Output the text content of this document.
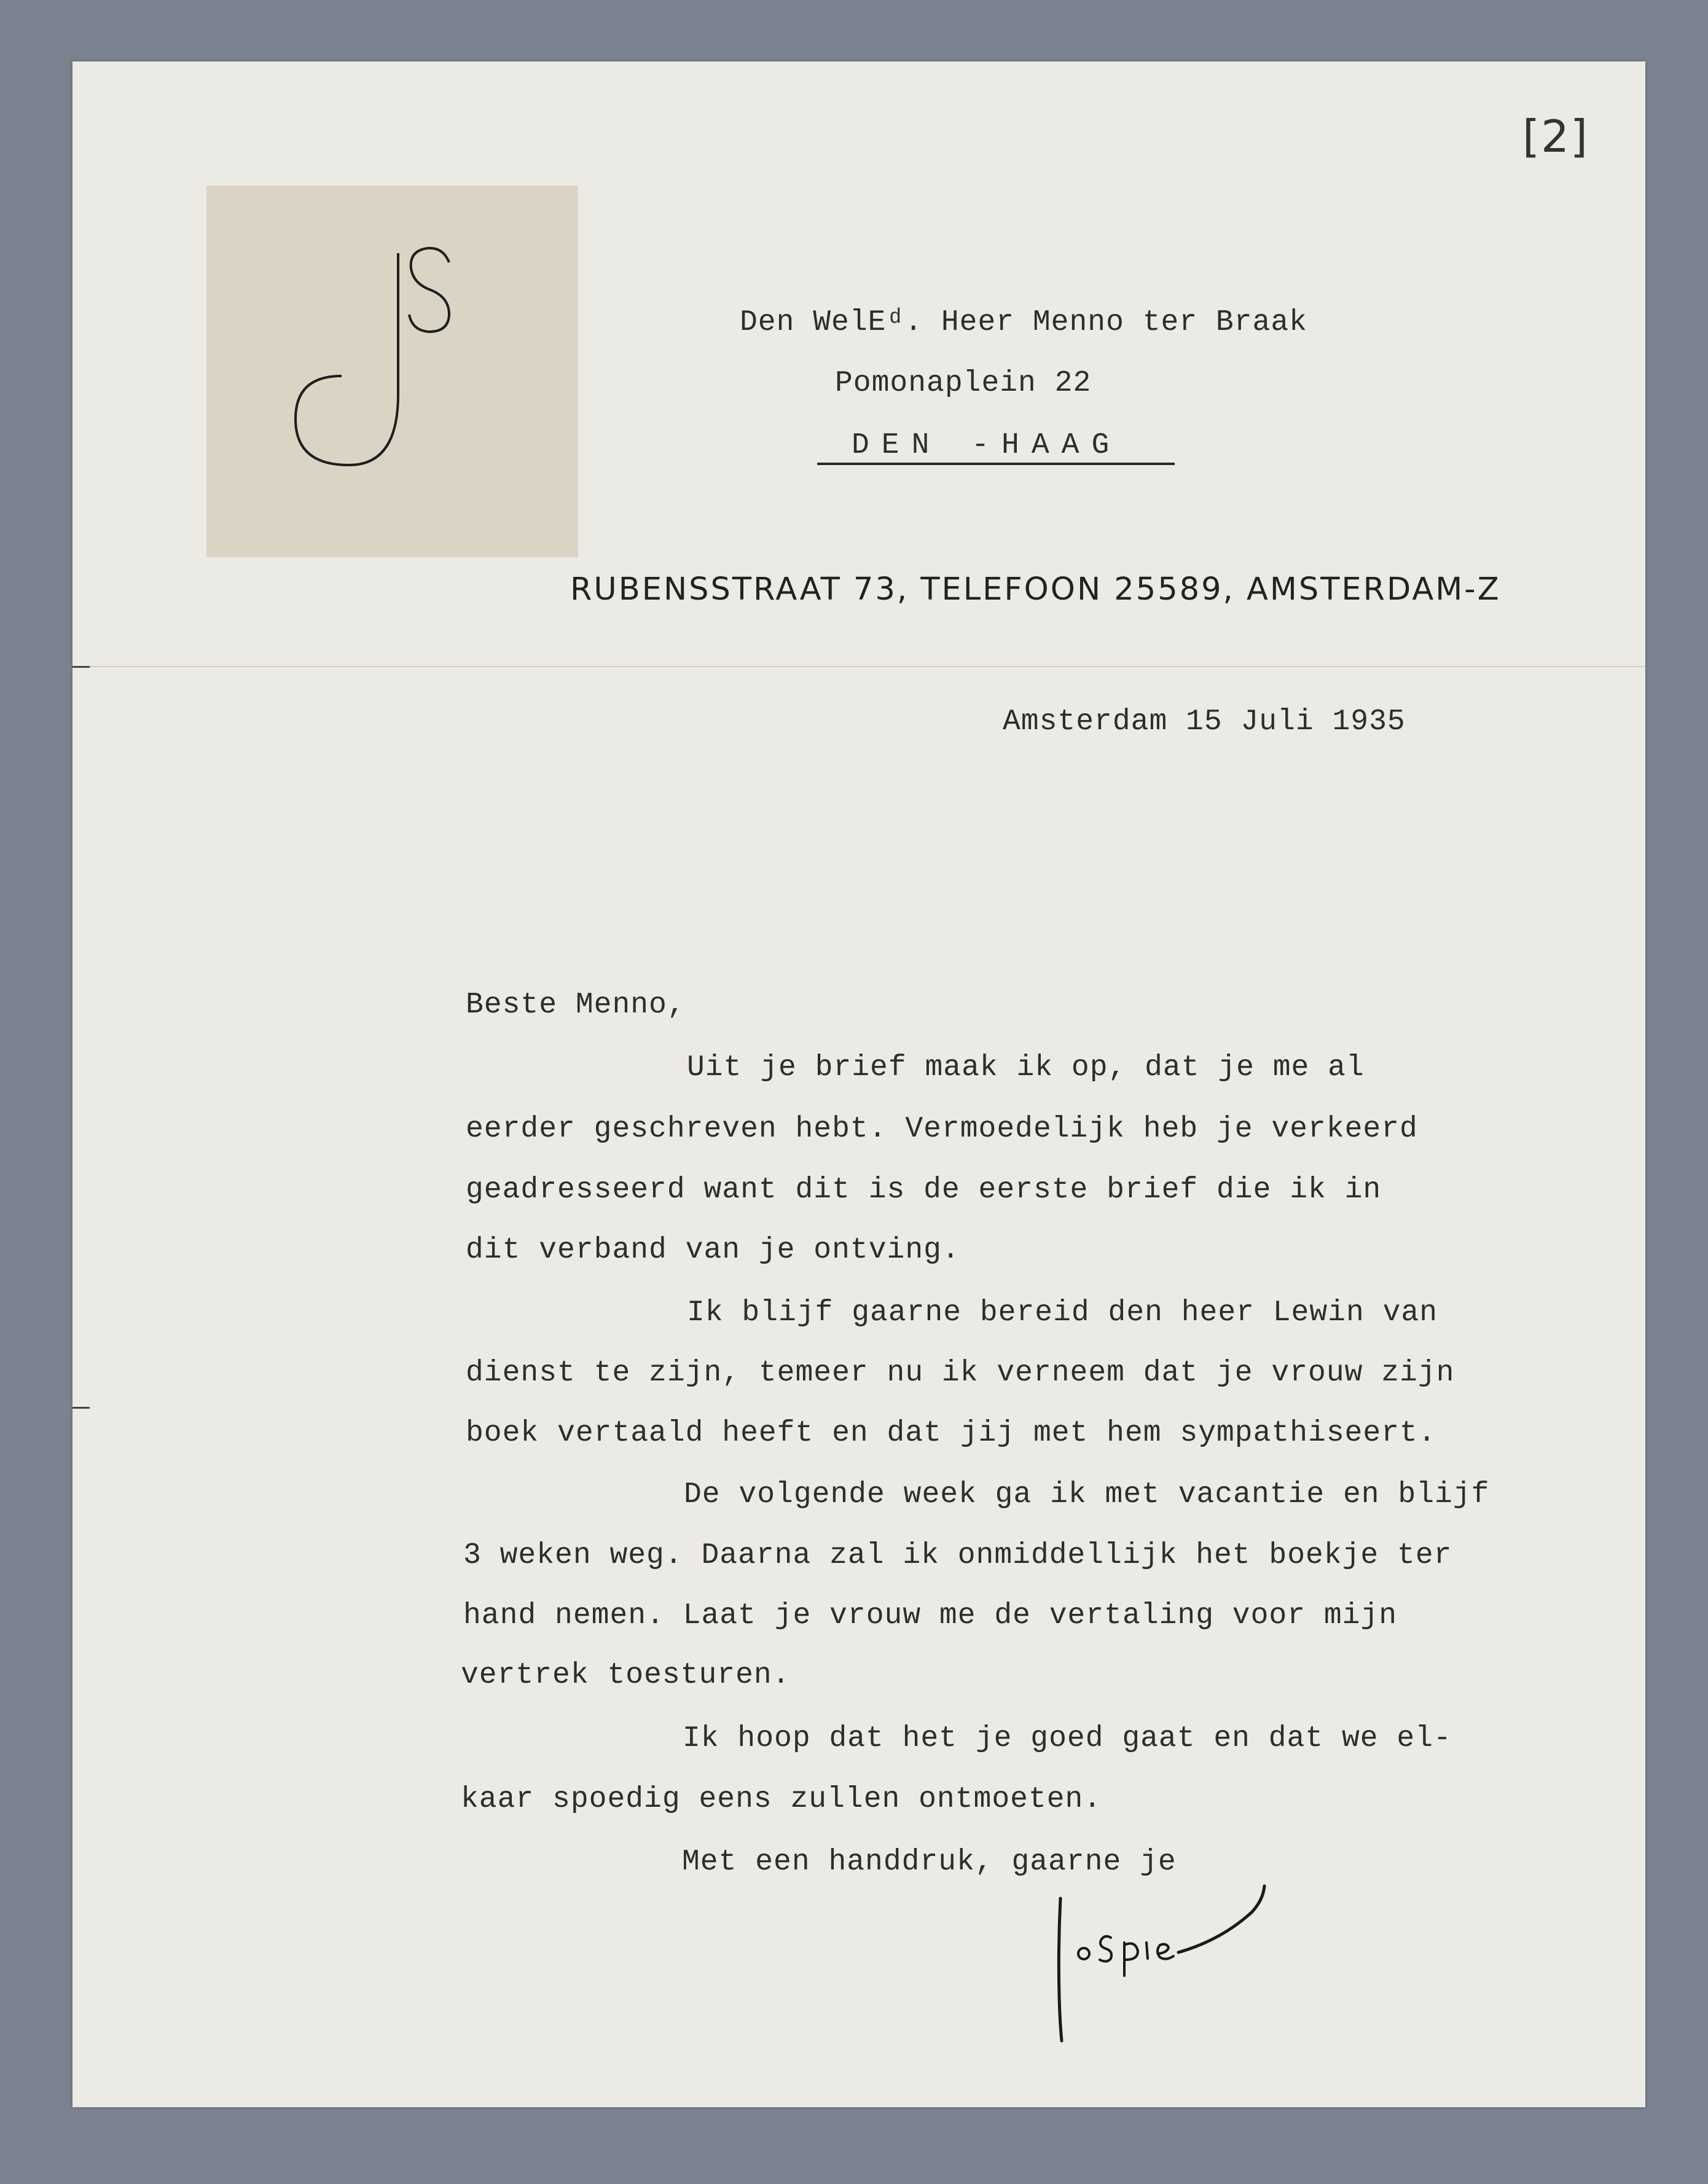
[2]
Den WelEᵈ. Heer Menno ter Braak
Pomonaplein 22
DEN -HAAG
RUBENSSTRAAT 73, TELEFOON 25589, AMSTERDAM-Z
Amsterdam 15 Juli 1935
Beste Menno,
Uit je brief maak ik op, dat je me al
eerder geschreven hebt. Vermoedelijk heb je verkeerd
geadresseerd want dit is de eerste brief die ik in
dit verband van je ontving.
Ik blijf gaarne bereid den heer Lewin van
dienst te zijn, temeer nu ik verneem dat je vrouw zijn
boek vertaald heeft en dat jij met hem sympathiseert.
De volgende week ga ik met vacantie en blijf
3 weken weg. Daarna zal ik onmiddellijk het boekje ter
hand nemen. Laat je vrouw me de vertaling voor mijn
vertrek toesturen.
Ik hoop dat het je goed gaat en dat we el-
kaar spoedig eens zullen ontmoeten.
Met een handdruk, gaarne je
